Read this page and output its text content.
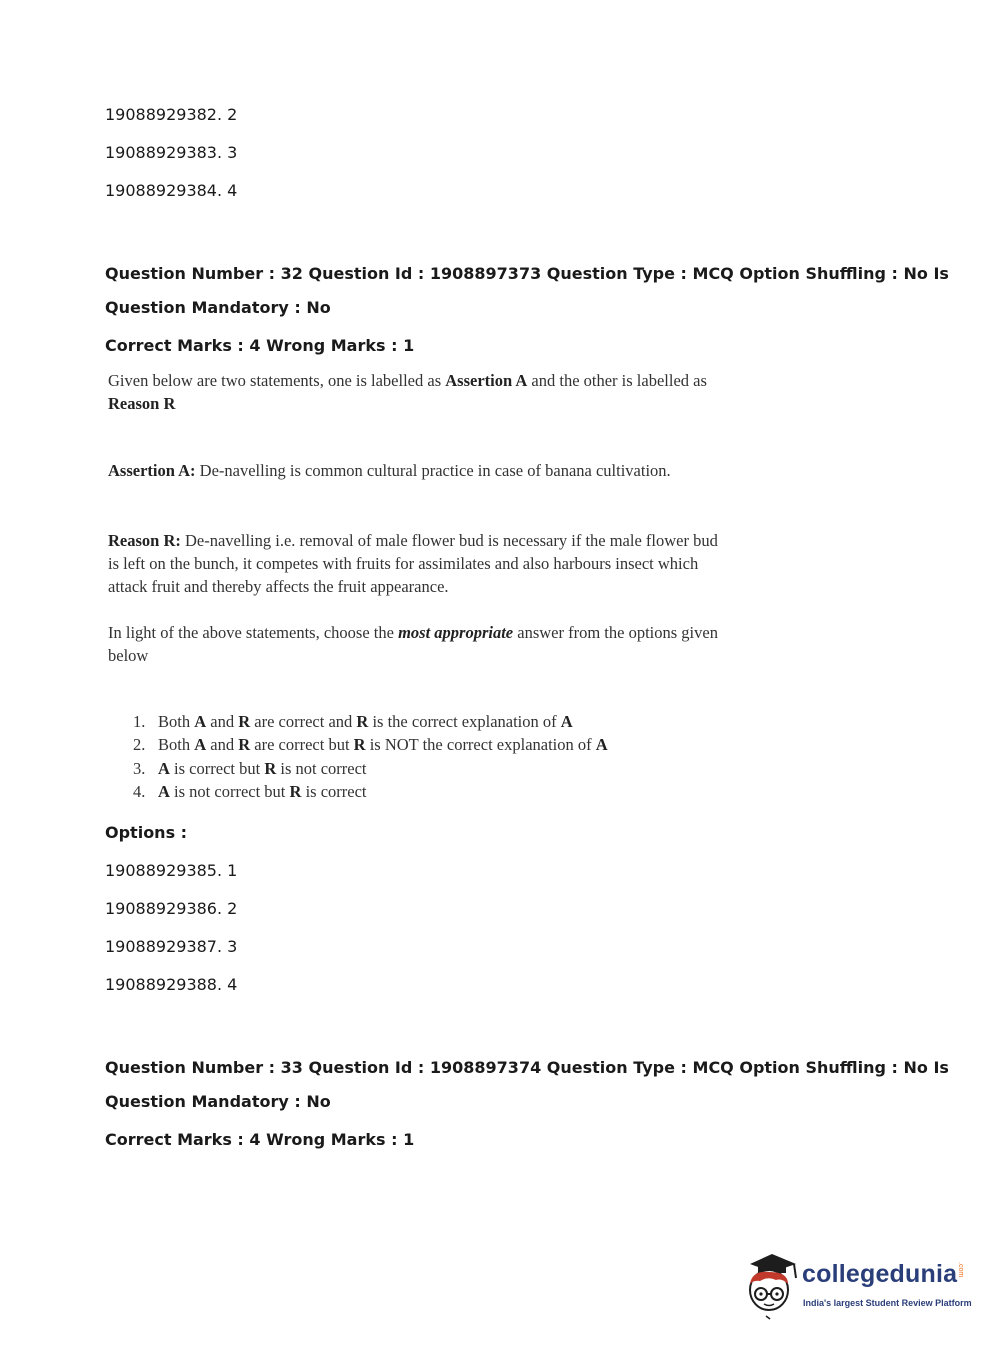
19088929382. 2
19088929383. 3
19088929384. 4
Question Number : 32 Question Id : 1908897373 Question Type : MCQ Option Shuffling : No Is
Question Mandatory : No
Correct Marks : 4 Wrong Marks : 1
Given below are two statements, one is labelled as Assertion A and the other is labelled as
Reason R
Assertion A: De-navelling is common cultural practice in case of banana cultivation.
Reason R: De-navelling i.e. removal of male flower bud is necessary if the male flower bud
is left on the bunch, it competes with fruits for assimilates and also harbours insect which
attack fruit and thereby affects the fruit appearance.
In light of the above statements, choose the most appropriate answer from the options given
below
1. Both A and R are correct and R is the correct explanation of A
2. Both A and R are correct but R is NOT the correct explanation of A
3. A is correct but R is not correct
4. A is not correct but R is correct
Options :
19088929385. 1
19088929386. 2
19088929387. 3
19088929388. 4
Question Number : 33 Question Id : 1908897374 Question Type : MCQ Option Shuffling : No Is
Question Mandatory : No
Correct Marks : 4 Wrong Marks : 1
collegedunia .com
India's largest Student Review Platform
